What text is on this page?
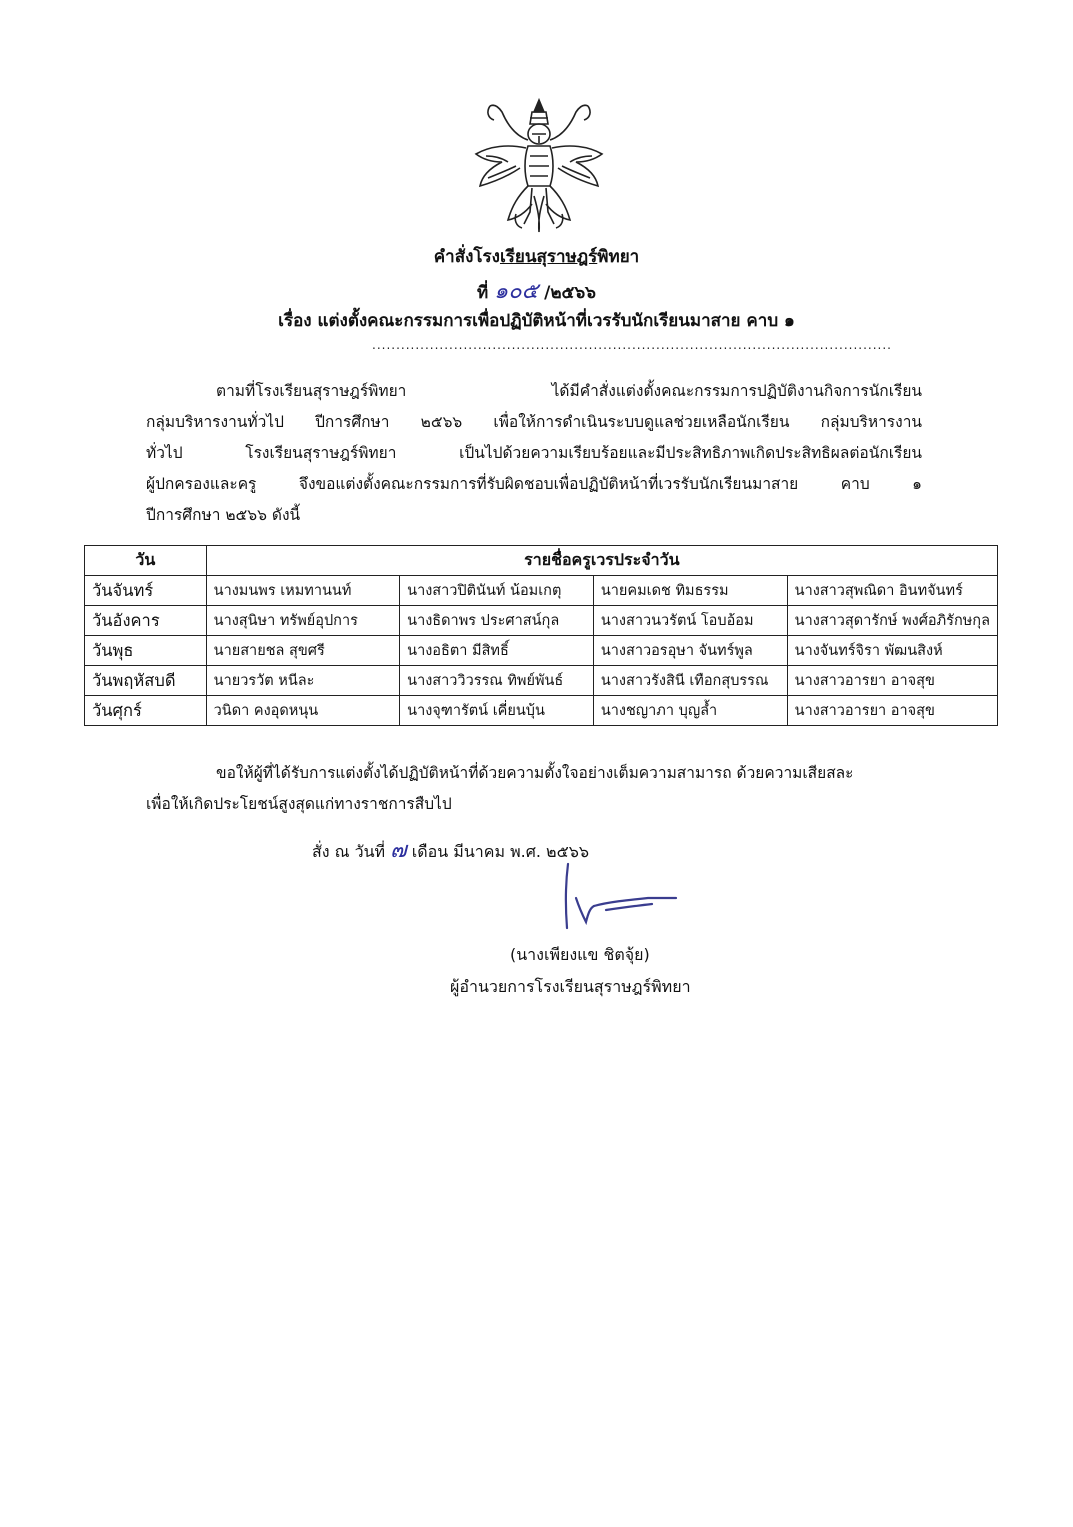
คำสั่งโรงเรียนสุราษฎร์พิทยา
ที่ ๑๐๕ /๒๕๖๖
เรื่อง แต่งตั้งคณะกรรมการเพื่อปฏิบัติหน้าที่เวรรับนักเรียนมาสาย คาบ ๑
............................................................................................................
ตามที่โรงเรียนสุราษฎร์พิทยา ได้มีคำสั่งแต่งตั้งคณะกรรมการปฏิบัติงานกิจการนักเรียน
กลุ่มบริหารงานทั่วไป ปีการศึกษา ๒๕๖๖ เพื่อให้การดำเนินระบบดูแลช่วยเหลือนักเรียน กลุ่มบริหารงาน
ทั่วไป โรงเรียนสุราษฎร์พิทยา เป็นไปด้วยความเรียบร้อยและมีประสิทธิภาพเกิดประสิทธิผลต่อนักเรียน
ผู้ปกครองและครู จึงขอแต่งตั้งคณะกรรมการที่รับผิดชอบเพื่อปฏิบัติหน้าที่เวรรับนักเรียนมาสาย คาบ ๑
ปีการศึกษา ๒๕๖๖ ดังนี้
วัน	รายชื่อครูเวรประจำวัน			
วันจันทร์	นางมนพร เหมทานนท์	นางสาวปิตินันท์ น้อมเกตุ	นายคมเดช ทิมธรรม	นางสาวสุพณิดา อินทจันทร์
วันอังคาร	นางสุนิษา ทรัพย์อุปการ	นางธิดาพร ประศาสน์กุล	นางสาวนวรัตน์ โอบอ้อม	นางสาวสุดารักษ์ พงศ์อภิรักษกุล
วันพุธ	นายสายชล สุขศรี	นางอธิตา มีสิทธิ์	นางสาวอรอุษา จันทร์พูล	นางจันทร์จิรา พัฒนสิงห์
วันพฤหัสบดี	นายวรวัต หนีละ	นางสาววิวรรณ ทิพย์พันธ์	นางสาวรังสินี เทือกสุบรรณ	นางสาวอารยา อาจสุข
วันศุกร์	วนิดา คงอุดหนุน	นางจุฑารัตน์ เคี่ยนบุ้น	นางชญาภา บุญล้ำ	นางสาวอารยา อาจสุข
ขอให้ผู้ที่ได้รับการแต่งตั้งได้ปฏิบัติหน้าที่ด้วยความตั้งใจอย่างเต็มความสามารถ ด้วยความเสียสละ
เพื่อให้เกิดประโยชน์สูงสุดแก่ทางราชการสืบไป
สั่ง ณ วันที่ ๗ เดือน มีนาคม พ.ศ. ๒๕๖๖
(นางเพียงแข ชิตจุ้ย)
ผู้อำนวยการโรงเรียนสุราษฎร์พิทยา
